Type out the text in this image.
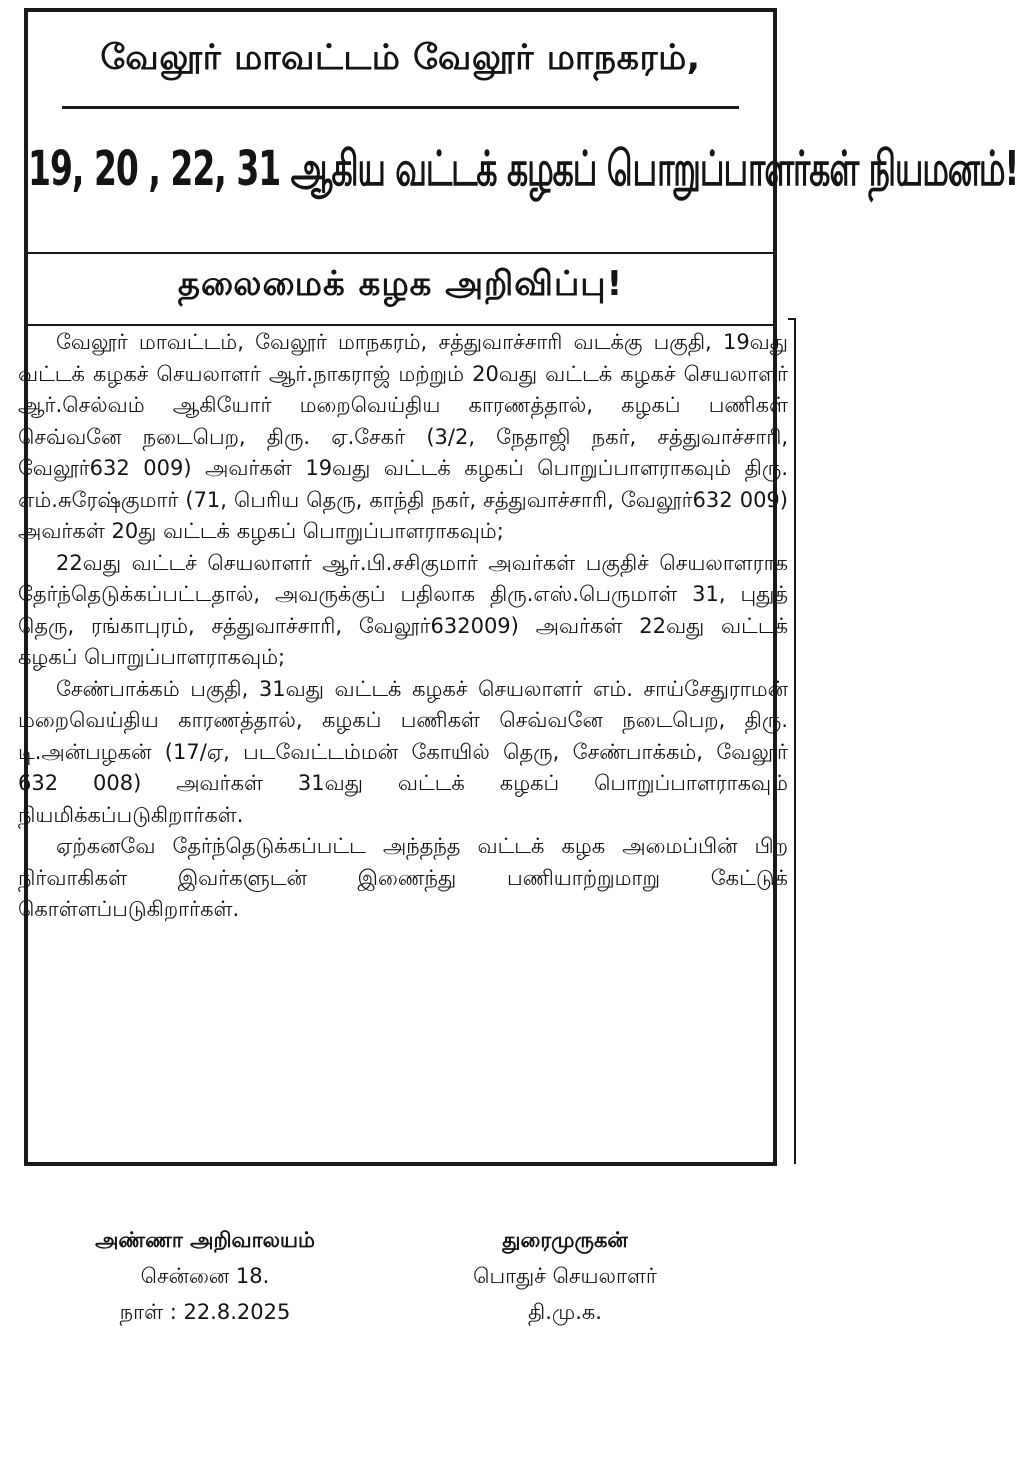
வேலூர் மாவட்டம் வேலூர் மாநகரம்,
19, 20 , 22, 31 ஆகிய வட்டக் கழகப் பொறுப்பாளர்கள் நியமனம்!
தலைமைக் கழக அறிவிப்பு!

வேலூர் மாவட்டம், வேலூர் மாநகரம், சத்துவாச்சாரி வடக்கு பகுதி, 19வது வட்டக் கழகச் செயலாளர் ஆர்.நாகராஜ் மற்றும் 20வது வட்டக் கழகச் செயலாளர் ஆர்.செல்வம் ஆகியோர் மறைவெய்திய காரணத்தால், கழகப் பணிகள் செவ்வனே நடைபெற, திரு. ஏ.சேகர் (3/2, நேதாஜி நகர், சத்துவாச்சாரி, வேலூர்632 009) அவர்கள் 19வது வட்டக் கழகப் பொறுப்பாளராகவும் திரு. எம்.சுரேஷ்குமார் (71, பெரிய தெரு, காந்தி நகர், சத்துவாச்சாரி, வேலூர்632 009) அவர்கள் 20து வட்டக் கழகப் பொறுப்பாளராகவும்;

22வது வட்டச் செயலாளர் ஆர்.பி.சசிகுமார் அவர்கள் பகுதிச் செயலாளராக தேர்ந்தெடுக்கப்பட்டதால், அவருக்குப் பதிலாக திரு.எஸ்.பெருமாள் 31, புதுத் தெரு, ரங்காபுரம், சத்துவாச்சாரி, வேலூர்632009) அவர்கள் 22வது வட்டக் கழகப் பொறுப்பாளராகவும்;

சேண்பாக்கம் பகுதி, 31வது வட்டக் கழகச் செயலாளர் எம். சாய்சேதுராமன் மறைவெய்திய காரணத்தால், கழகப் பணிகள் செவ்வனே நடைபெற, திரு. டி.அன்பழகன் (17/ஏ, படவேட்டம்மன் கோயில் தெரு, சேண்பாக்கம், வேலூர் 632 008) அவர்கள் 31வது வட்டக் கழகப் பொறுப்பாளராகவும் நியமிக்கப்படுகிறார்கள்.

ஏற்கனவே தேர்ந்தெடுக்கப்பட்ட அந்தந்த வட்டக் கழக அமைப்பின் பிற நிர்வாகிகள் இவர்களுடன் இணைந்து பணியாற்றுமாறு கேட்டுக் கொள்ளப்படுகிறார்கள்.

அண்ணா அறிவாலயம்
சென்னை 18.
நாள் : 22.8.2025
துரைமுருகன்
பொதுச் செயலாளர்
தி.மு.க.
